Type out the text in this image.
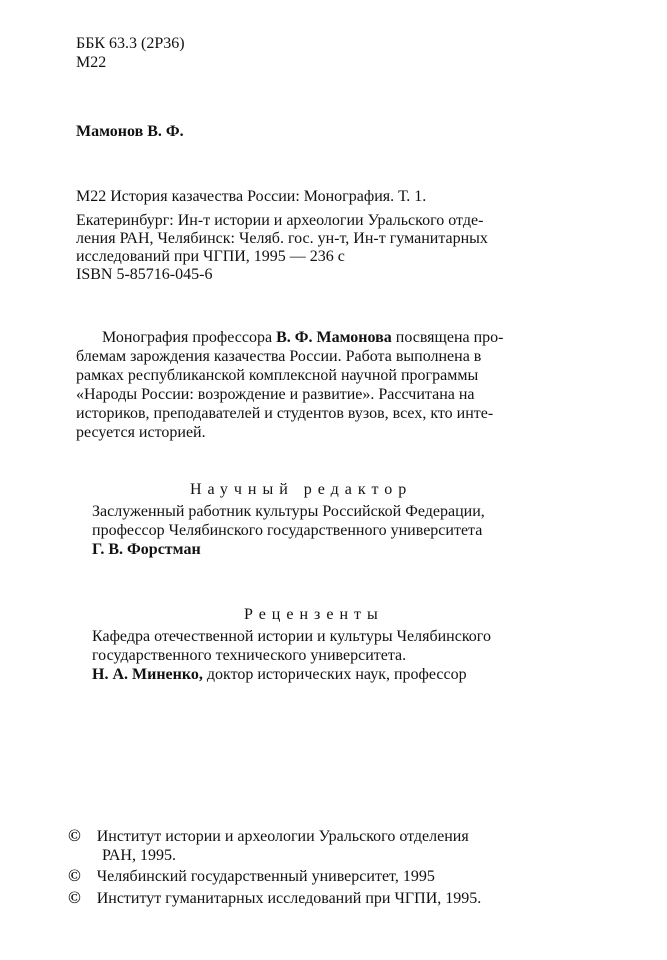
ББК 63.3 (2Р36)
М22
Мамонов В. Ф.
М22 История казачества России: Монография. Т. 1.
Екатеринбург: Ин-т истории и археологии Уральского отде-
ления РАН, Челябинск: Челяб. гос. ун-т, Ин-т гуманитарных
исследований при ЧГПИ, 1995 — 236 с
ISBN 5-85716-045-6
Монография профессора В. Ф. Мамонова посвящена про-
блемам зарождения казачества России. Работа выполнена в
рамках республиканской комплексной научной программы
«Народы России: возрождение и развитие». Рассчитана на
историков, преподавателей и студентов вузов, всех, кто инте-
ресуется историей.
Научный редактор
Заслуженный работник культуры Российской Федерации,
профессор Челябинского государственного университета
Г. В. Форстман
Рецензенты
Кафедра отечественной истории и культуры Челябинского
государственного технического университета.
Н. А. Миненко, доктор исторических наук, профессор
© Институт истории и археологии Уральского отделения
РАН, 1995.
© Челябинский государственный университет, 1995
© Институт гуманитарных исследований при ЧГПИ, 1995.
